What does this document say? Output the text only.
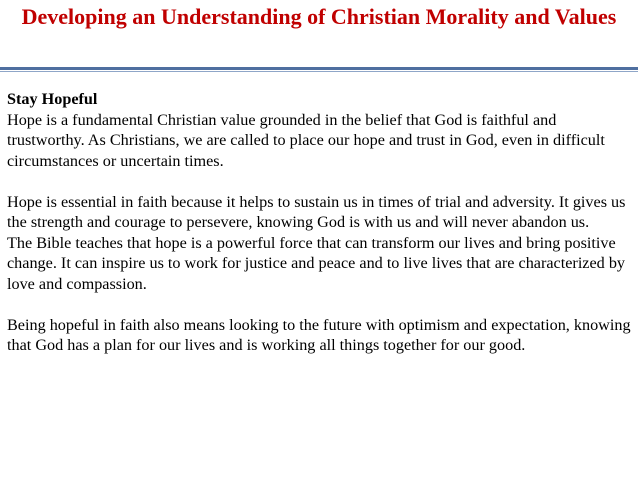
Developing an Understanding of Christian Morality and Values

Stay Hopeful

Hope is a fundamental Christian value grounded in the belief that God is faithful and trustworthy. As Christians, we are called to place our hope and trust in God, even in difficult circumstances or uncertain times.

Hope is essential in faith because it helps to sustain us in times of trial and adversity. It gives us the strength and courage to persevere, knowing God is with us and will never abandon us.

The Bible teaches that hope is a powerful force that can transform our lives and bring positive change. It can inspire us to work for justice and peace and to live lives that are characterized by love and compassion.

Being hopeful in faith also means looking to the future with optimism and expectation, knowing that God has a plan for our lives and is working all things together for our good.
